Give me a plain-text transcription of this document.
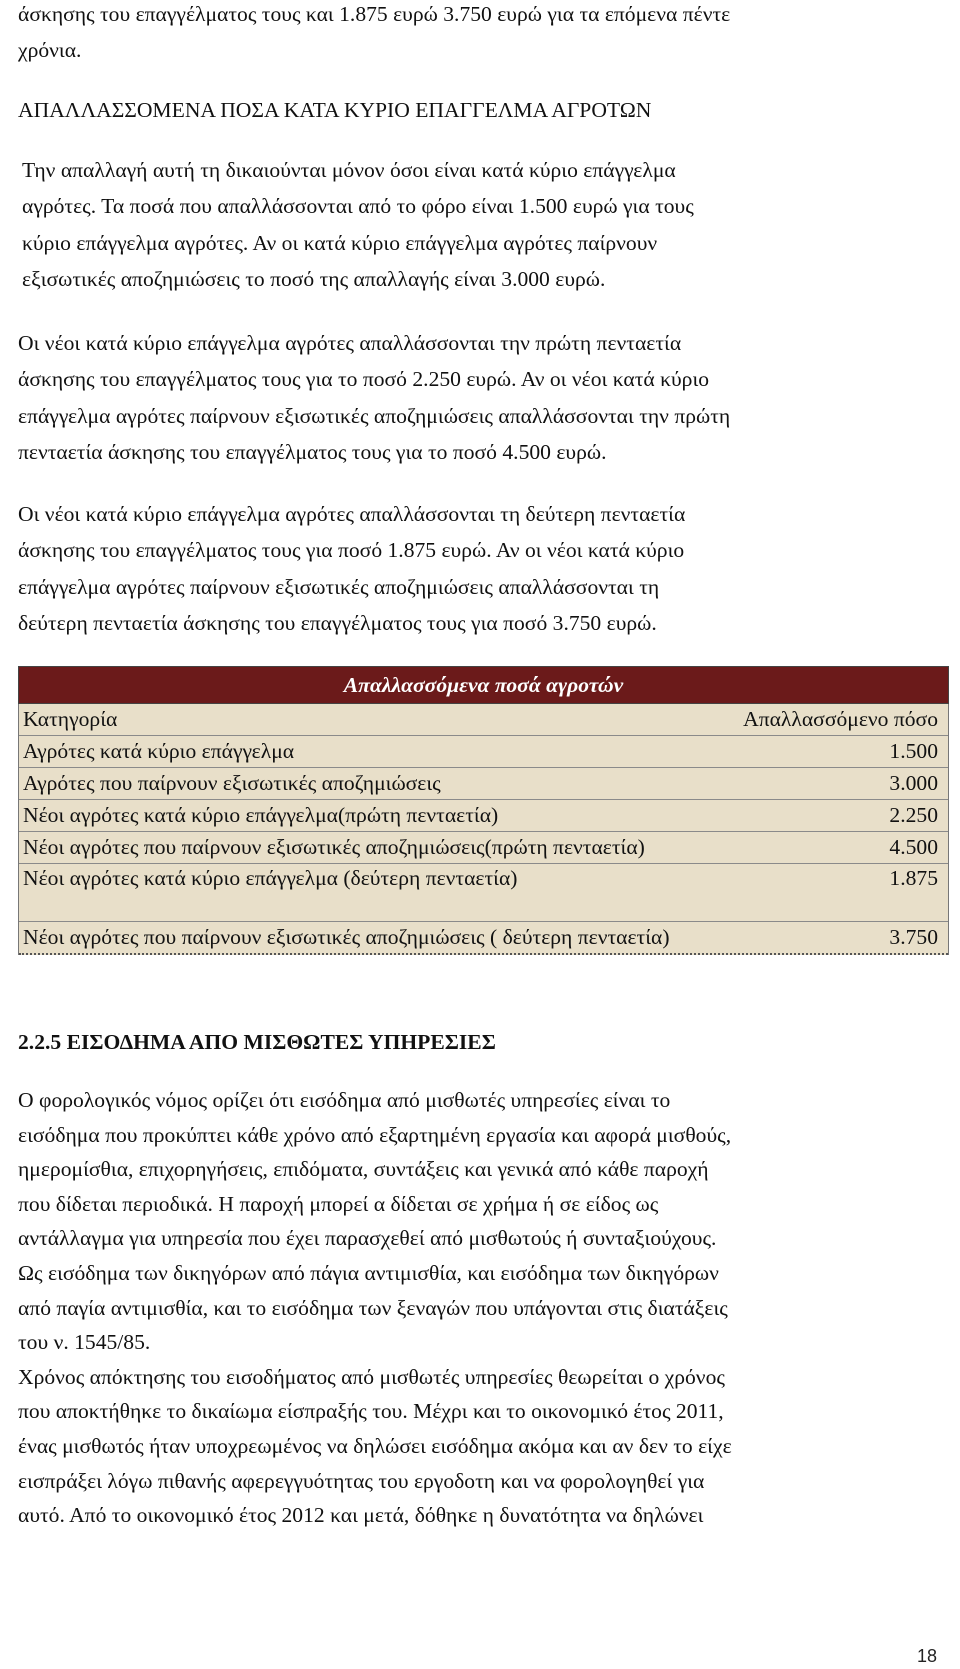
άσκησης του επαγγέλματος τους και 1.875 ευρώ 3.750 ευρώ για τα επόμενα πέντε
χρόνια.
ΑΠΑΛΛΑΣΣΟΜΕΝΑ ΠΟΣΑ ΚΑΤΑ ΚΥΡΙΟ ΕΠΑΓΓΕΛΜΑ ΑΓΡΟΤΩΝ
Την απαλλαγή αυτή τη δικαιούνται μόνον όσοι είναι κατά κύριο επάγγελμα
αγρότες. Τα ποσά που απαλλάσσονται από το φόρο είναι 1.500 ευρώ για τους
κύριο επάγγελμα αγρότες. Αν οι κατά κύριο επάγγελμα αγρότες παίρνουν
εξισωτικές αποζημιώσεις το ποσό της απαλλαγής είναι 3.000 ευρώ.
Οι νέοι κατά κύριο επάγγελμα αγρότες απαλλάσσονται την πρώτη πενταετία
άσκησης του επαγγέλματος τους για το ποσό 2.250 ευρώ. Αν οι νέοι κατά κύριο
επάγγελμα αγρότες παίρνουν εξισωτικές αποζημιώσεις απαλλάσσονται την πρώτη
πενταετία άσκησης του επαγγέλματος τους για το ποσό 4.500 ευρώ.
Οι νέοι κατά κύριο επάγγελμα αγρότες απαλλάσσονται τη δεύτερη πενταετία
άσκησης του επαγγέλματος τους για ποσό 1.875 ευρώ. Αν οι νέοι κατά κύριο
επάγγελμα αγρότες παίρνουν εξισωτικές αποζημιώσεις απαλλάσσονται τη
δεύτερη πενταετία άσκησης του επαγγέλματος τους για ποσό 3.750 ευρώ.
Απαλλασσόμενα ποσά αγροτών
Κατηγορία	Απαλλασσόμενο πόσο
Αγρότες κατά κύριο επάγγελμα	1.500
Αγρότες που παίρνουν εξισωτικές αποζημιώσεις	3.000
Νέοι αγρότες κατά κύριο επάγγελμα(πρώτη πενταετία)	2.250
Νέοι αγρότες που παίρνουν εξισωτικές αποζημιώσεις(πρώτη πενταετία)	4.500
Νέοι αγρότες κατά κύριο επάγγελμα (δεύτερη πενταετία)	1.875
Νέοι αγρότες που παίρνουν εξισωτικές αποζημιώσεις ( δεύτερη πενταετία)	3.750
2.2.5 ΕΙΣΟΔΗΜΑ ΑΠΟ ΜΙΣΘΩΤΕΣ ΥΠΗΡΕΣΙΕΣ
Ο φορολογικός νόμος ορίζει ότι εισόδημα από μισθωτές υπηρεσίες είναι το
εισόδημα που προκύπτει κάθε χρόνο από εξαρτημένη εργασία και αφορά μισθούς,
ημερομίσθια, επιχορηγήσεις, επιδόματα, συντάξεις και γενικά από κάθε παροχή
που δίδεται περιοδικά. Η παροχή μπορεί α δίδεται σε χρήμα ή σε είδος ως
αντάλλαγμα για υπηρεσία που έχει παρασχεθεί από μισθωτούς ή συνταξιούχους.
Ως εισόδημα των δικηγόρων από πάγια αντιμισθία, και εισόδημα των δικηγόρων
από παγία αντιμισθία, και το εισόδημα των ξεναγών που υπάγονται στις διατάξεις
του ν. 1545/85.
Χρόνος απόκτησης του εισοδήματος από μισθωτές υπηρεσίες θεωρείται ο χρόνος
που αποκτήθηκε το δικαίωμα είσπραξής του. Μέχρι και το οικονομικό έτος 2011,
ένας μισθωτός ήταν υποχρεωμένος να δηλώσει εισόδημα ακόμα και αν δεν το είχε
εισπράξει λόγω πιθανής αφερεγγυότητας του εργοδοτη και να φορολογηθεί για
αυτό. Από το οικονομικό έτος 2012 και μετά, δόθηκε η δυνατότητα να δηλώνει
18
